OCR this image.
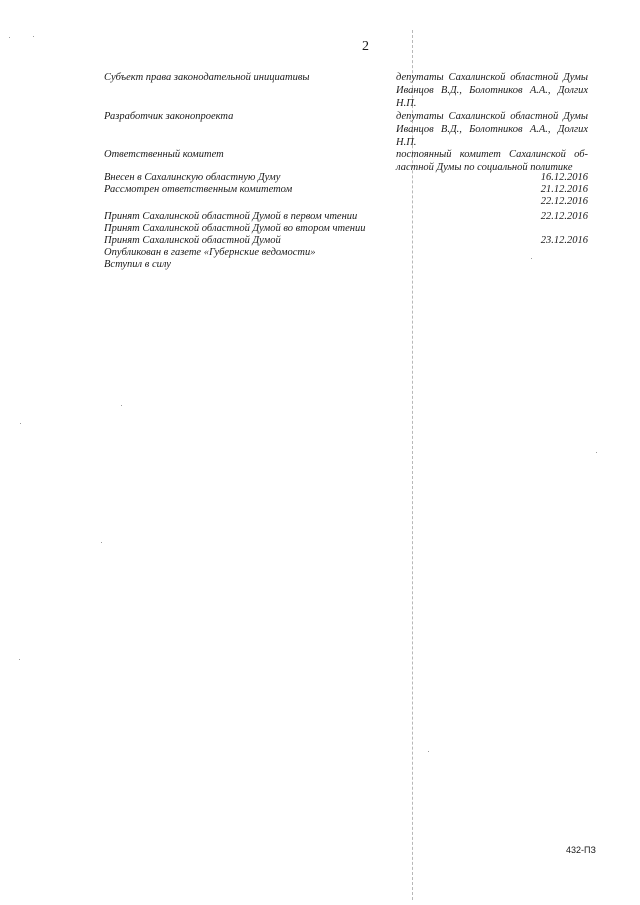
2
Субъект права законодательной инициативы
Разработчик законопроекта
Ответственный комитет
Внесен в Сахалинскую областную Думу
Рассмотрен ответственным комитетом
Принят Сахалинской областной Думой в первом чтении
Принят Сахалинской областной Думой во втором чтении
Принят Сахалинской областной Думой
Опубликован в газете «Губернские ведомости»
Вступил в силу
депутаты Сахалинской областной Думы
Иванцов В.Д., Болотников А.А., Долгих
Н.П.
депутаты Сахалинской областной Думы
Иванцов В.Д., Болотников А.А., Долгих
Н.П.
постоянный комитет Сахалинской об-
ластной Думы по социальной политике
16.12.2016
21.12.2016
22.12.2016
22.12.2016
23.12.2016
432-ПЗ
